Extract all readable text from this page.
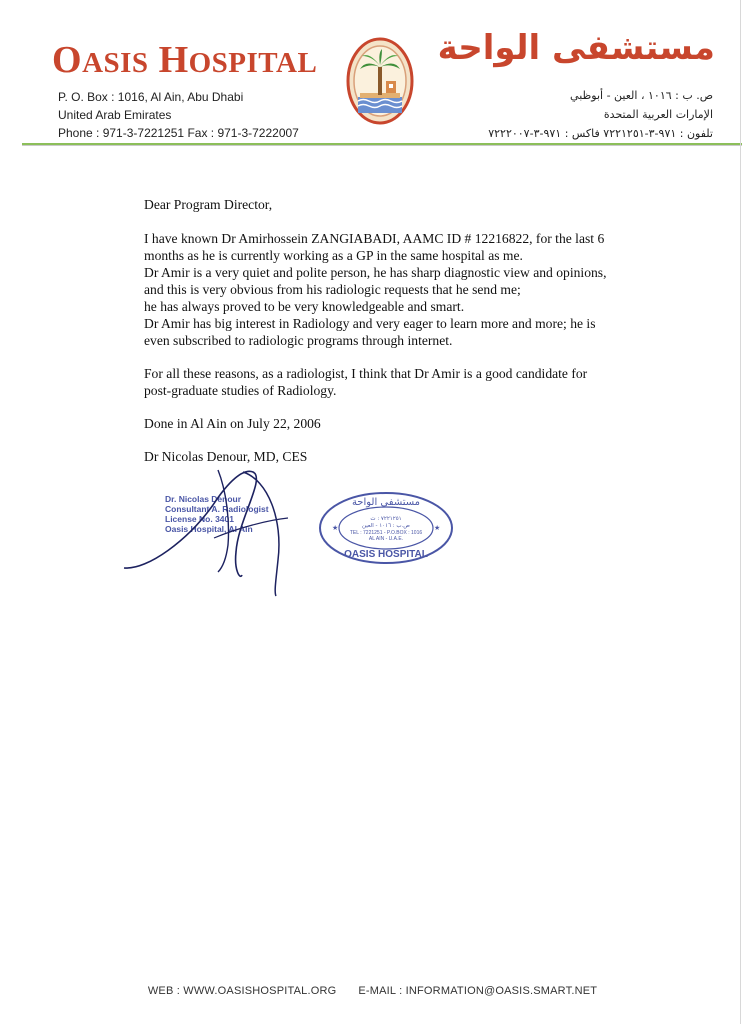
OASIS HOSPITAL	مستشفى الواحة
P. O. Box : 1016, Al Ain, Abu Dhabi
United Arab Emirates
Phone : 971-3-7221251 Fax : 971-3-7222007
ص. ب : ١٠١٦ ، العين - أبوظبي
الإمارات العربية المتحدة
تلفون : ٩٧١-٣-٧٢٢١٢٥١ فاكس : ٩٧١-٣-٧٢٢٢٠٠٧

Dear Program Director,

I have known Dr Amirhossein ZANGIABADI, AAMC ID # 12216822, for the last 6

months as he is currently working as a GP in the same hospital as me.

Dr Amir is a very quiet and polite person, he has sharp diagnostic view and opinions,

and this is very obvious from his radiologic requests that he send me;

he has always proved to be very knowledgeable and smart.

Dr Amir has big interest in Radiology and very eager to learn more and more; he is

even subscribed to radiologic programs through internet.

For all these reasons, as a radiologist, I think that Dr Amir is a good candidate for

post-graduate studies of Radiology.

Done in Al Ain on July 22, 2006

Dr Nicolas Denour, MD, CES

Dr. Nicolas Denour
Consultant A. Radiologist
License No. 3401
Oasis Hospital, Al Ain
مستشفى الواحة
٧٢٢١٢٥١ : ت
ص.ب : ١٠١٦ - العين
TEL : 7221251 - P.O.BOX : 1016
AL AIN - U.A.E.
OASIS HOSPITAL
★	★
WEB : WWW.OASISHOSPITAL.ORG E-MAIL : INFORMATION@OASIS.SMART.NET
